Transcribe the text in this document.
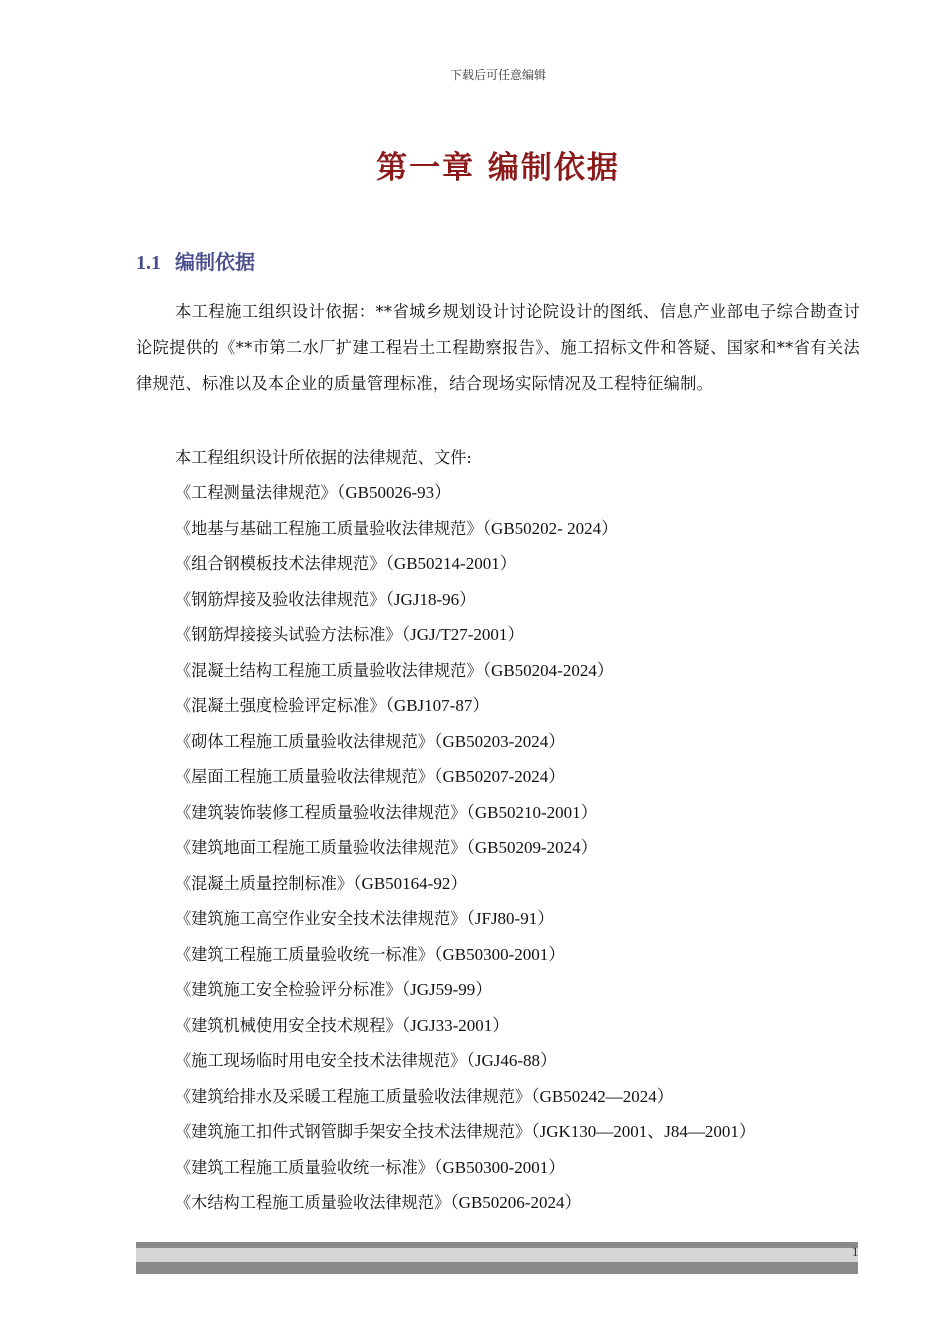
下载后可任意编辑
第一章 编制依据
1.1 编制依据
本工程施工组织设计依据：**省城乡规划设计讨论院设计的图纸、信息产业部电子综合勘查讨论院提供的《**市第二水厂扩建工程岩土工程勘察报告》、施工招标文件和答疑、国家和**省有关法律规范、标准以及本企业的质量管理标准，结合现场实际情况及工程特征编制。
本工程组织设计所依据的法律规范、文件:
《工程测量法律规范》（GB50026-93）
《地基与基础工程施工质量验收法律规范》（GB50202- 2024）
《组合钢模板技术法律规范》（GB50214-2001）
《钢筋焊接及验收法律规范》（JGJ18-96）
《钢筋焊接接头试验方法标准》（JGJ/T27-2001）
《混凝土结构工程施工质量验收法律规范》（GB50204-2024）
《混凝土强度检验评定标准》（GBJ107-87）
《砌体工程施工质量验收法律规范》（GB50203-2024）
《屋面工程施工质量验收法律规范》（GB50207-2024）
《建筑装饰装修工程质量验收法律规范》（GB50210-2001）
《建筑地面工程施工质量验收法律规范》（GB50209-2024）
《混凝土质量控制标准》（GB50164-92）
《建筑施工高空作业安全技术法律规范》（JFJ80-91）
《建筑工程施工质量验收统一标准》（GB50300-2001）
《建筑施工安全检验评分标准》（JGJ59-99）
《建筑机械使用安全技术规程》（JGJ33-2001）
《施工现场临时用电安全技术法律规范》（JGJ46-88）
《建筑给排水及采暖工程施工质量验收法律规范》（GB50242—2024）
《建筑施工扣件式钢管脚手架安全技术法律规范》（JGK130—2001、J84—2001）
《建筑工程施工质量验收统一标准》（GB50300-2001）
《木结构工程施工质量验收法律规范》（GB50206-2024）
1
